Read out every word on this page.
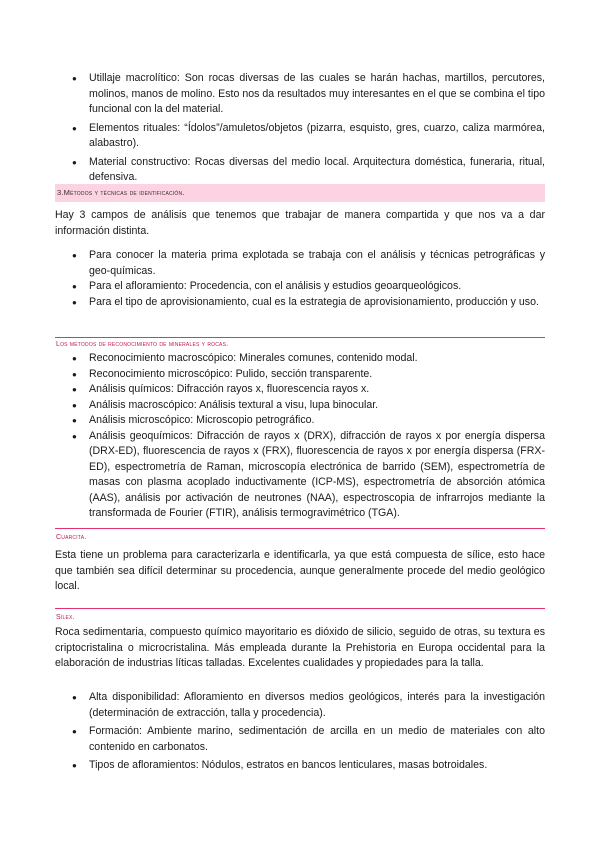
● Utillaje macrolítico: Son rocas diversas de las cuales se harán hachas, martillos, percutores, molinos, manos de molino. Esto nos da resultados muy interesantes en el que se combina el tipo funcional con la del material.
● Elementos rituales: “Ídolos”/amuletos/objetos (pizarra, esquisto, gres, cuarzo, caliza marmórea, alabastro).
● Material constructivo: Rocas diversas del medio local. Arquitectura doméstica, funeraria, ritual, defensiva.
3.Métodos y técnicas de identificación.
Hay 3 campos de análisis que tenemos que trabajar de manera compartida y que nos va a dar información distinta.
● Para conocer la materia prima explotada se trabaja con el análisis y técnicas petrográficas y geo-químicas.
● Para el afloramiento: Procedencia, con el análisis y estudios geoarqueológicos.
● Para el tipo de aprovisionamiento, cual es la estrategia de aprovisionamiento, producción y uso.
Los métodos de reconocimiento de minerales y rocas.
● Reconocimiento macroscópico: Minerales comunes, contenido modal.
● Reconocimiento microscópico: Pulido, sección transparente.
● Análisis químicos: Difracción rayos x, fluorescencia rayos x.
● Análisis macroscópico: Análisis textural a visu, lupa binocular.
● Análisis microscópico: Microscopio petrográfico.
● Análisis geoquímicos: Difracción de rayos x (DRX), difracción de rayos x por energía dispersa (DRX-ED), fluorescencia de rayos x (FRX), fluorescencia de rayos x por energía dispersa (FRX-ED), espectrometría de Raman, microscopía electrónica de barrido (SEM), espectrometría de masas con plasma acoplado inductivamente (ICP-MS), espectrometría de absorción atómica (AAS), análisis por activación de neutrones (NAA), espectroscopia de infrarrojos mediante la transformada de Fourier (FTIR), análisis termogravimétrico (TGA).
Cuarcita.
Esta tiene un problema para caracterizarla e identificarla, ya que está compuesta de sílice, esto hace que también sea difícil determinar su procedencia, aunque generalmente procede del medio geológico local.
Sílex.
Roca sedimentaria, compuesto químico mayoritario es dióxido de silicio, seguido de otras, su textura es criptocristalina o microcristalina. Más empleada durante la Prehistoria en Europa occidental para la elaboración de industrias líticas talladas. Excelentes cualidades y propiedades para la talla.
● Alta disponibilidad: Afloramiento en diversos medios geológicos, interés para la investigación (determinación de extracción, talla y procedencia).
● Formación: Ambiente marino, sedimentación de arcilla en un medio de materiales con alto contenido en carbonatos.
● Tipos de afloramientos: Nódulos, estratos en bancos lenticulares, masas botroidales.
